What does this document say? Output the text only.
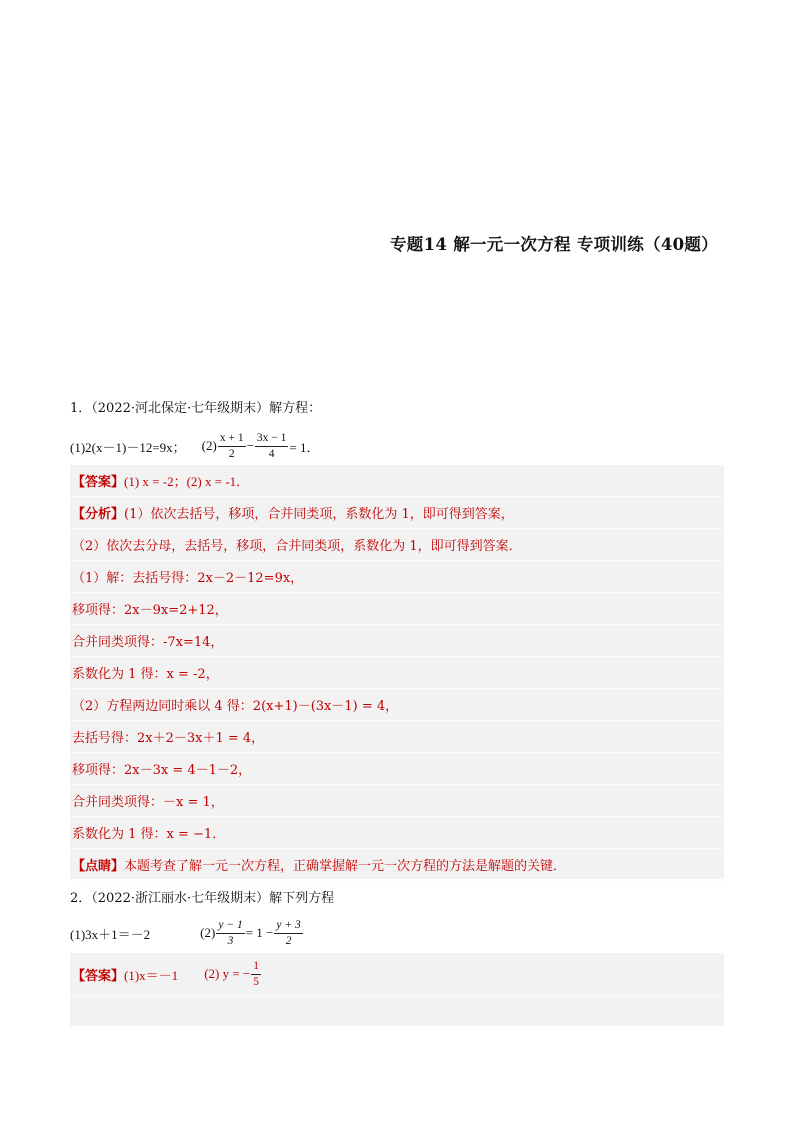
专题14 解一元一次方程 专项训练（40题）
1．（2022·河北保定·七年级期末）解方程：
(1)2(x－1)－12=9x； $(2) \frac{x + 1}{2} - \frac{3x - 1}{4} = 1$．
【答案】 (1) x = -2；(2) x = -1．
【分析】 (1）依次去括号，移项，合并同类项，系数化为 1，即可得到答案，
（2）依次去分母，去括号，移项，合并同类项，系数化为 1，即可得到答案．
（1）解：去括号得：2x－2－12=9x，
移项得：2x－9x=2+12，
合并同类项得：-7x=14，
系数化为 1 得：x = -2，
（2）方程两边同时乘以 4 得：2(x+1)－(3x－1) = 4，
去括号得：2x＋2－3x＋1 = 4，
移项得：2x－3x = 4－1－2，
合并同类项得：－x = 1，
系数化为 1 得：x = −1．
【点睛】 本题考查了解一元一次方程，正确掌握解一元一次方程的方法是解题的关键．
2．（2022·浙江丽水·七年级期末）解下列方程
(1)3x＋1＝－2	$(2) \frac{y - 1}{3} = 1 - \frac{y + 3}{2}$
【答案】 (1)x＝－1 (2) y = − $\frac{1}{5}$
